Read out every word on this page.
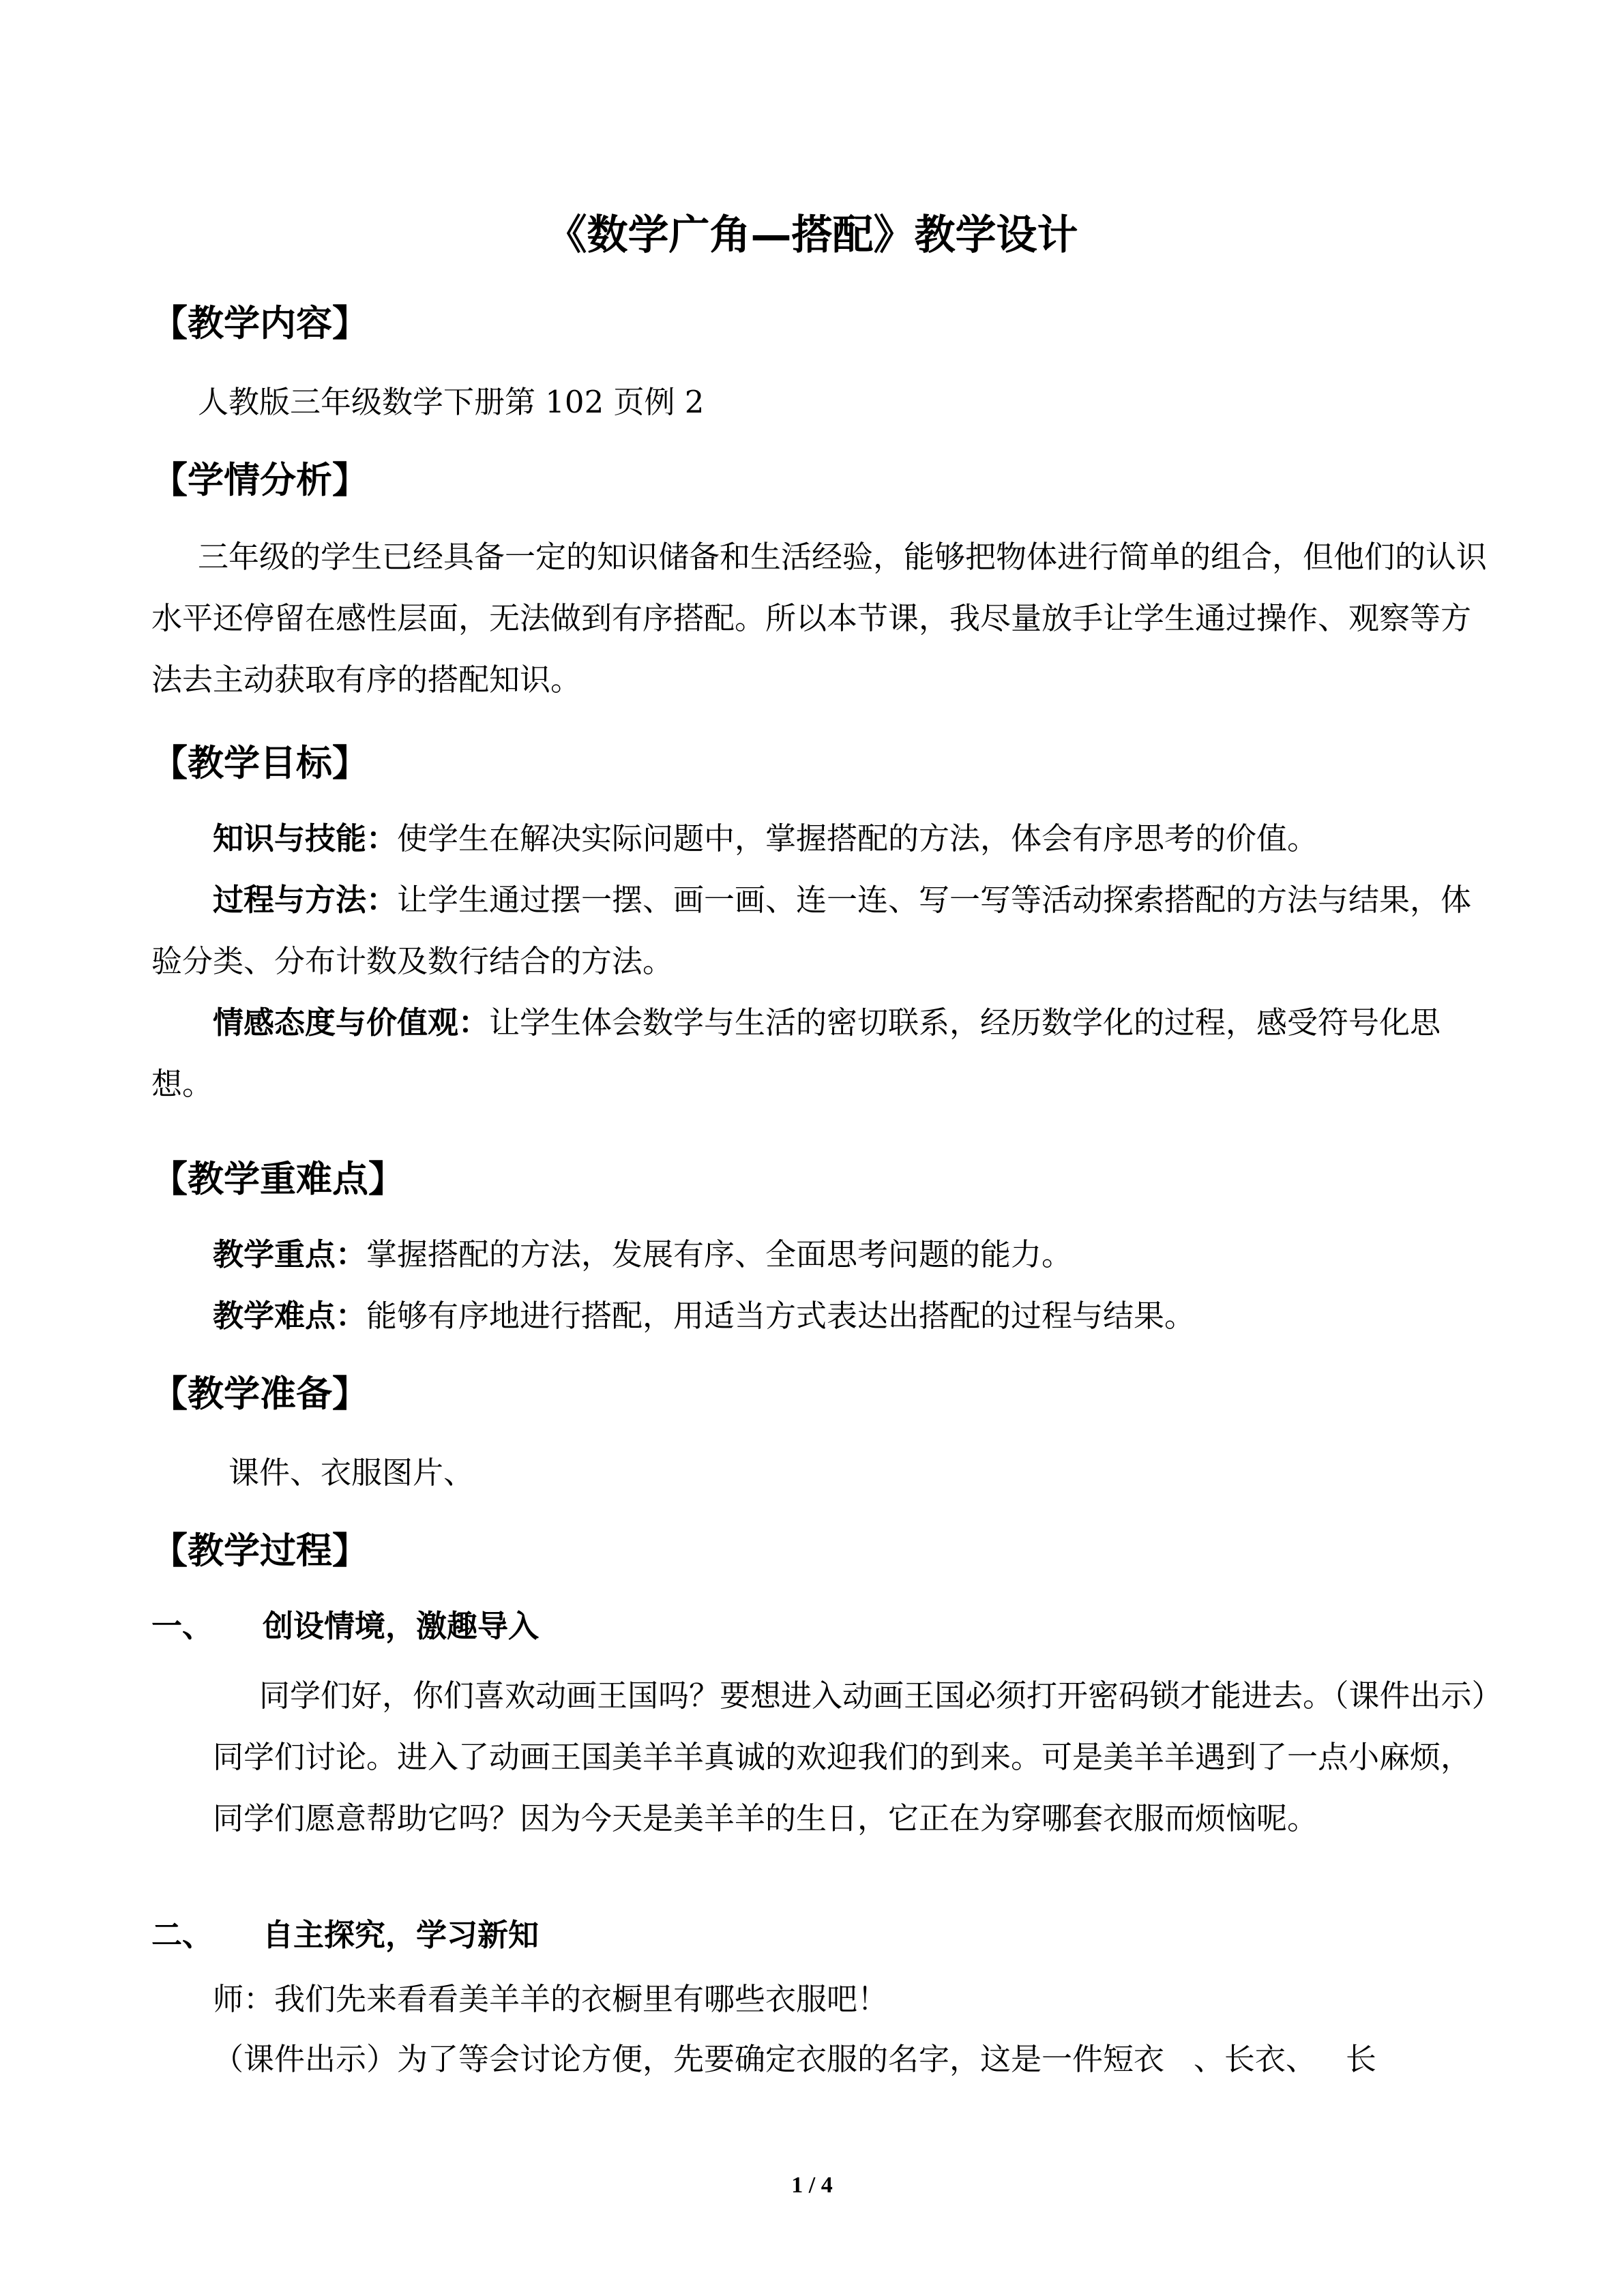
《数学广角—搭配》教学设计
【教学内容】
人教版三年级数学下册第 102 页例 2
【学情分析】
三年级的学生已经具备一定的知识储备和生活经验，能够把物体进行简单的组合，但他们的认识水平还停留在感性层面，无法做到有序搭配。所以本节课，我尽量放手让学生通过操作、观察等方法去主动获取有序的搭配知识。
【教学目标】
知识与技能：使学生在解决实际问题中，掌握搭配的方法，体会有序思考的价值。
过程与方法：让学生通过摆一摆、画一画、连一连、写一写等活动探索搭配的方法与结果，体验分类、分布计数及数行结合的方法。
情感态度与价值观：让学生体会数学与生活的密切联系，经历数学化的过程，感受符号化思想。
【教学重难点】
教学重点：掌握搭配的方法，发展有序、全面思考问题的能力。
教学难点：能够有序地进行搭配，用适当方式表达出搭配的过程与结果。
【教学准备】
课件、衣服图片、
【教学过程】
一、 创设情境，激趣导入
同学们好，你们喜欢动画王国吗？要想进入动画王国必须打开密码锁才能进去。（课件出示）同学们讨论。进入了动画王国美羊羊真诚的欢迎我们的到来。可是美羊羊遇到了一点小麻烦，同学们愿意帮助它吗？因为今天是美羊羊的生日，它正在为穿哪套衣服而烦恼呢。
二、 自主探究，学习新知
师：我们先来看看美羊羊的衣橱里有哪些衣服吧！
（课件出示）为了等会讨论方便，先要确定衣服的名字，这是一件短衣   、长衣、   长
1 / 4
